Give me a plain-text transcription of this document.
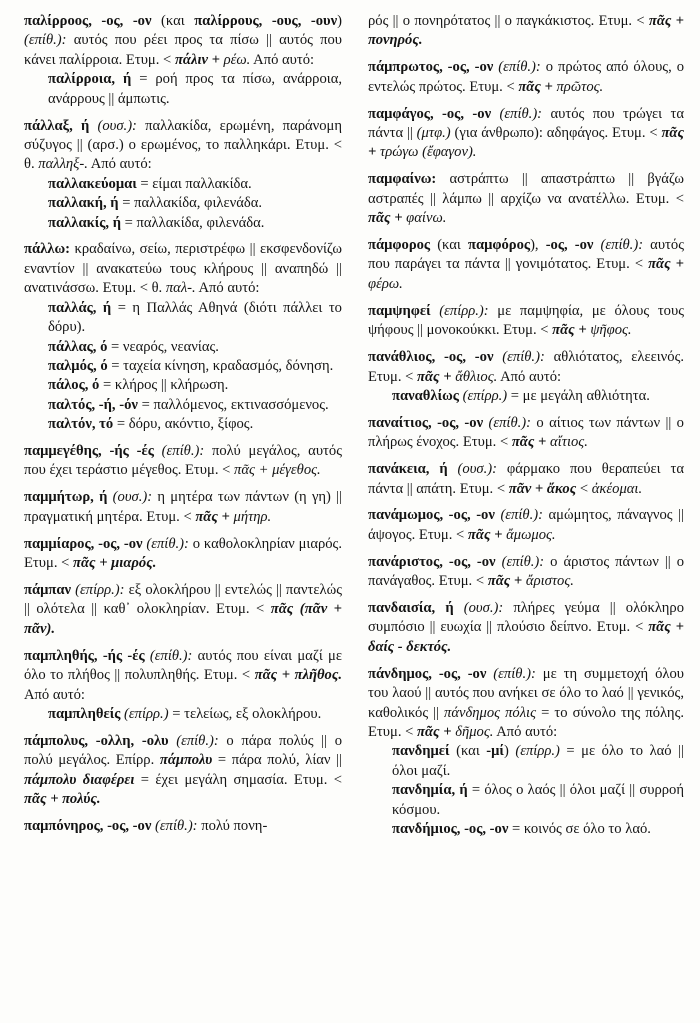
παλίρροος, -ος, -ον (και παλίρρους, -ους, -ουν) (επίθ.): αυτός που ρέει προς τα πίσω || αυτός που κάνει παλίρροια. Ετυμ. < πάλιν + ρέω. Από αυτό:
παλίρροια, ή = ροή προς τα πίσω, ανάρροια, ανάρρους || άμπωτις.
πάλλαξ, ή (ουσ.): παλλακίδα, ερωμένη, παράνομη σύζυγος || (αρσ.) ο ερωμένος, το παλληκάρι. Ετυμ. < θ. παλληξ-. Από αυτό:
παλλακεύομαι = είμαι παλλακίδα.
παλλακή, ή = παλλακίδα, φιλενάδα.
παλλακίς, ή = παλλακίδα, φιλενάδα.
πάλλω: κραδαίνω, σείω, περιστρέφω || εκσφενδονίζω εναντίον || ανακατεύω τους κλήρους || αναπηδώ || ανατινάσσω. Ετυμ. < θ. παλ-. Από αυτό:
παλλάς, ή = η Παλλάς Αθηνά (διότι πάλλει το δόρυ).
πάλλας, ό = νεαρός, νεανίας.
παλμός, ό = ταχεία κίνηση, κραδασμός, δόνηση.
πάλος, ό = κλήρος || κλήρωση.
παλτός, -ή, -όν = παλλόμενος, εκτινασσόμενος.
παλτόν, τό = δόρυ, ακόντιο, ξίφος.
παμμεγέθης, -ής -ές (επίθ.): πολύ μεγάλος, αυτός που έχει τεράστιο μέγεθος. Ετυμ. < πᾶς + μέγεθος.
παμμήτωρ, ή (ουσ.): η μητέρα των πάντων (η γη) || πραγματική μητέρα. Ετυμ. < πᾶς + μήτηρ.
παμμίαρος, -ος, -ον (επίθ.): ο καθολοκληρίαν μιαρός. Ετυμ. < πᾶς + μιαρός.
πάμπαν (επίρρ.): εξ ολοκλήρου || εντελώς || παντελώς || ολότελα || καθ᾽ ολοκληρίαν. Ετυμ. < πᾶς (πᾶν + πᾶν).
παμπληθής, -ής -ές (επίθ.): αυτός που είναι μαζί με όλο το πλήθος || πολυπληθής. Ετυμ. < πᾶς + πλῆθος. Από αυτό:
παμπληθείς (επίρρ.) = τελείως, εξ ολοκλήρου.
πάμπολυς, -ολλη, -ολυ (επίθ.): ο πάρα πολύς || ο πολύ μεγάλος. Επίρρ. πάμπολυ = πάρα πολύ, λίαν ||πάμπολυ διαφέρει = έχει μεγάλη σημασία. Ετυμ. < πᾶς + πολύς.
παμπόνηρος, -ος, -ον (επίθ.): πολύ πονη-
ρός || ο πονηρότατος || ο παγκάκιστος. Ετυμ. < πᾶς + πονηρός.
πάμπρωτος, -ος, -ον (επίθ.): ο πρώτος από όλους, ο εντελώς πρώτος. Ετυμ. < πᾶς + πρῶτος.
παμφάγος, -ος, -ον (επίθ.): αυτός που τρώγει τα πάντα || (μτφ.) (για άνθρωπο): αδηφάγος. Ετυμ. < πᾶς + τρώγω (ἔφαγον).
παμφαίνω: αστράπτω || απαστράπτω || βγάζω αστραπές || λάμπω || αρχίζω να ανατέλλω. Ετυμ. < πᾶς + φαίνω.
πάμφορος (και παμφόρος), -ος, -ον (επίθ.): αυτός που παράγει τα πάντα || γονιμότατος. Ετυμ. < πᾶς + φέρω.
παμψηφεί (επίρρ.): με παμψηφία, με όλους τους ψήφους || μονοκούκκι. Ετυμ. < πᾶς + ψῆφος.
πανάθλιος, -ος, -ον (επίθ.): αθλιότατος, ελεεινός. Ετυμ. < πᾶς + ἄθλιος. Από αυτό:
παναθλίως (επίρρ.) = με μεγάλη αθλιότητα.
παναίτιος, -ος, -ον (επίθ.): ο αίτιος των πάντων || ο πλήρως ένοχος. Ετυμ. < πᾶς + αἴτιος.
πανάκεια, ή (ουσ.): φάρμακο που θεραπεύει τα πάντα || απάτη. Ετυμ. < πᾶν + ἄκος < ἀκέομαι.
πανάμωμος, -ος, -ον (επίθ.): αμώμητος, πάναγνος || άψογος. Ετυμ. < πᾶς + ἄμωμος.
πανάριστος, -ος, -ον (επίθ.): ο άριστος πάντων || ο πανάγαθος. Ετυμ. < πᾶς + ἄριστος.
πανδαισία, ή (ουσ.): πλήρες γεύμα || ολόκληρο συμπόσιο || ευωχία || πλούσιο δείπνο. Ετυμ. < πᾶς + δαίς - δεκτός.
πάνδημος, -ος, -ον (επίθ.): με τη συμμετοχή όλου του λαού || αυτός που ανήκει σε όλο το λαό || γενικός, καθολικός || πάνδημος πόλις = το σύνολο της πόλης. Ετυμ. < πᾶς + δῆμος. Από αυτό:
πανδημεί (και -μί) (επίρρ.) = με όλο το λαό || όλοι μαζί.
πανδημία, ή = όλος ο λαός || όλοι μαζί || συρροή κόσμου.
πανδήμιος, -ος, -ον = κοινός σε όλο το λαό.
